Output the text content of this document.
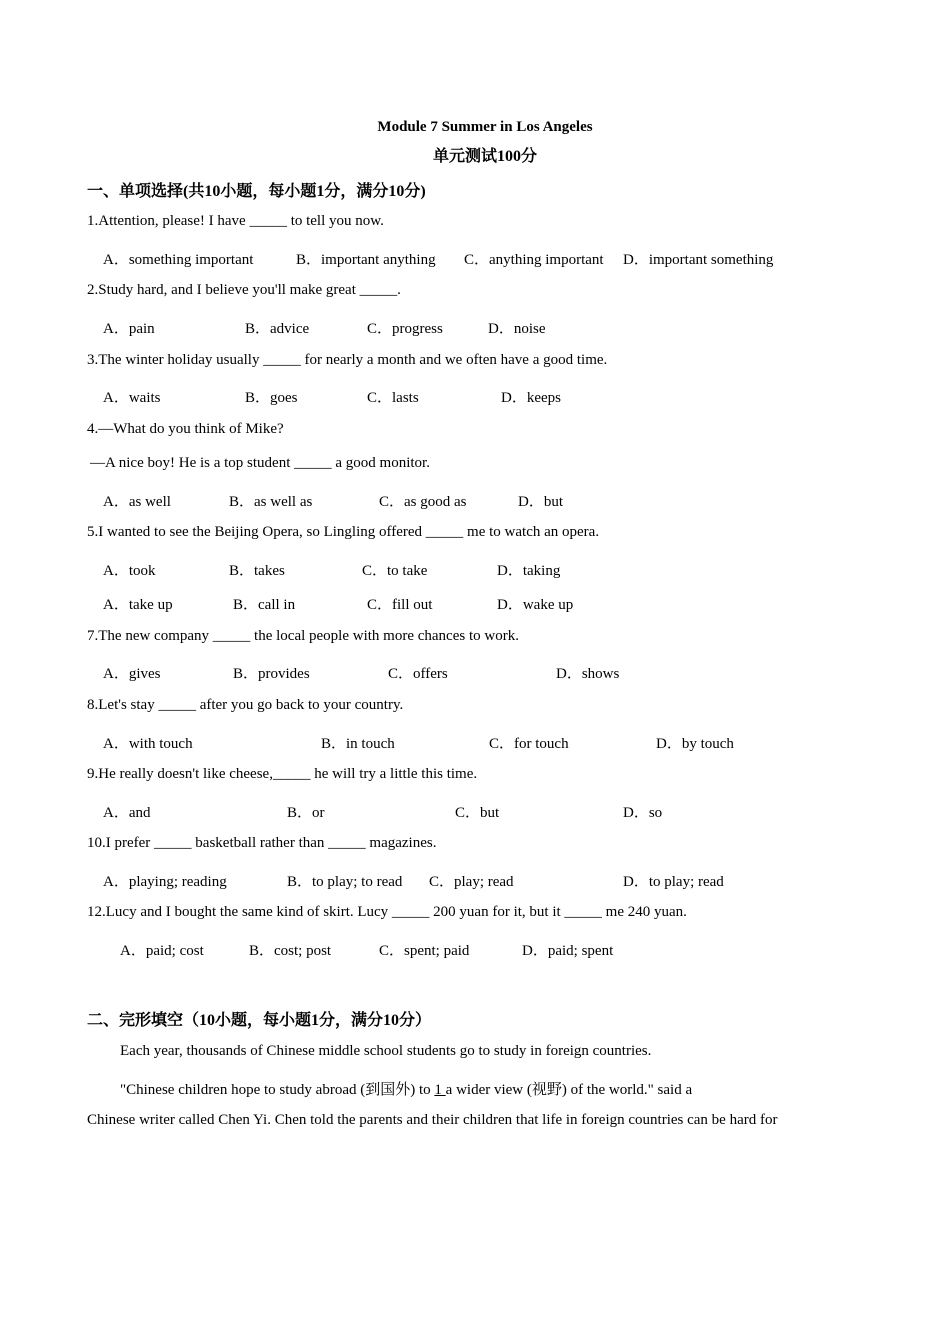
Module 7 Summer in Los Angeles
单元测试100分
一、单项选择(共10小题，每小题1分，满分10分)
1.Attention, please! I have _____ to tell you now.
A．something important	B．important anything C．anything important D．important something
2.Study hard, and I believe you'll make great _____.
A．pain	B．advice	C．progress	D．noise
3.The winter holiday usually _____ for nearly a month and we often have a good time.
A．waits	B．goes	C．lasts	D．keeps
4.—What do you think of Mike?
—A nice boy! He is a top student _____ a good monitor.
A．as well	B．as well as	C．as good as	D．but
5.I wanted to see the Beijing Opera, so Lingling offered _____ me to watch an opera.
A．took	B．takes	C．to take	D．taking
A．take up	B．call in	C．fill out	D．wake up
7.The new company _____ the local people with more chances to work.
A．gives	B．provides	C．offers	D．shows
8.Let's stay _____ after you go back to your country.
A．with touch	B．in touch	C．for touch	D．by touch
9.He really doesn't like cheese,_____ he will try a little this time.
A．and	B．or	C．but	D．so
10.I prefer _____ basketball rather than _____ magazines.
A．playing; reading	B．to play; to read C．play; read	D．to play; read
12.Lucy and I bought the same kind of skirt. Lucy _____ 200 yuan for it, but it _____ me 240 yuan.
A．paid; cost	B．cost; post	C．spent; paid	D．paid; spent
二、完形填空（10小题，每小题1分，满分10分）
Each year, thousands of Chinese middle school students go to study in foreign countries.
"Chinese children hope to study abroad (到国外) to 1 a wider view (视野) of the world." said a
Chinese writer called Chen Yi. Chen told the parents and their children that life in foreign countries can be hard for
